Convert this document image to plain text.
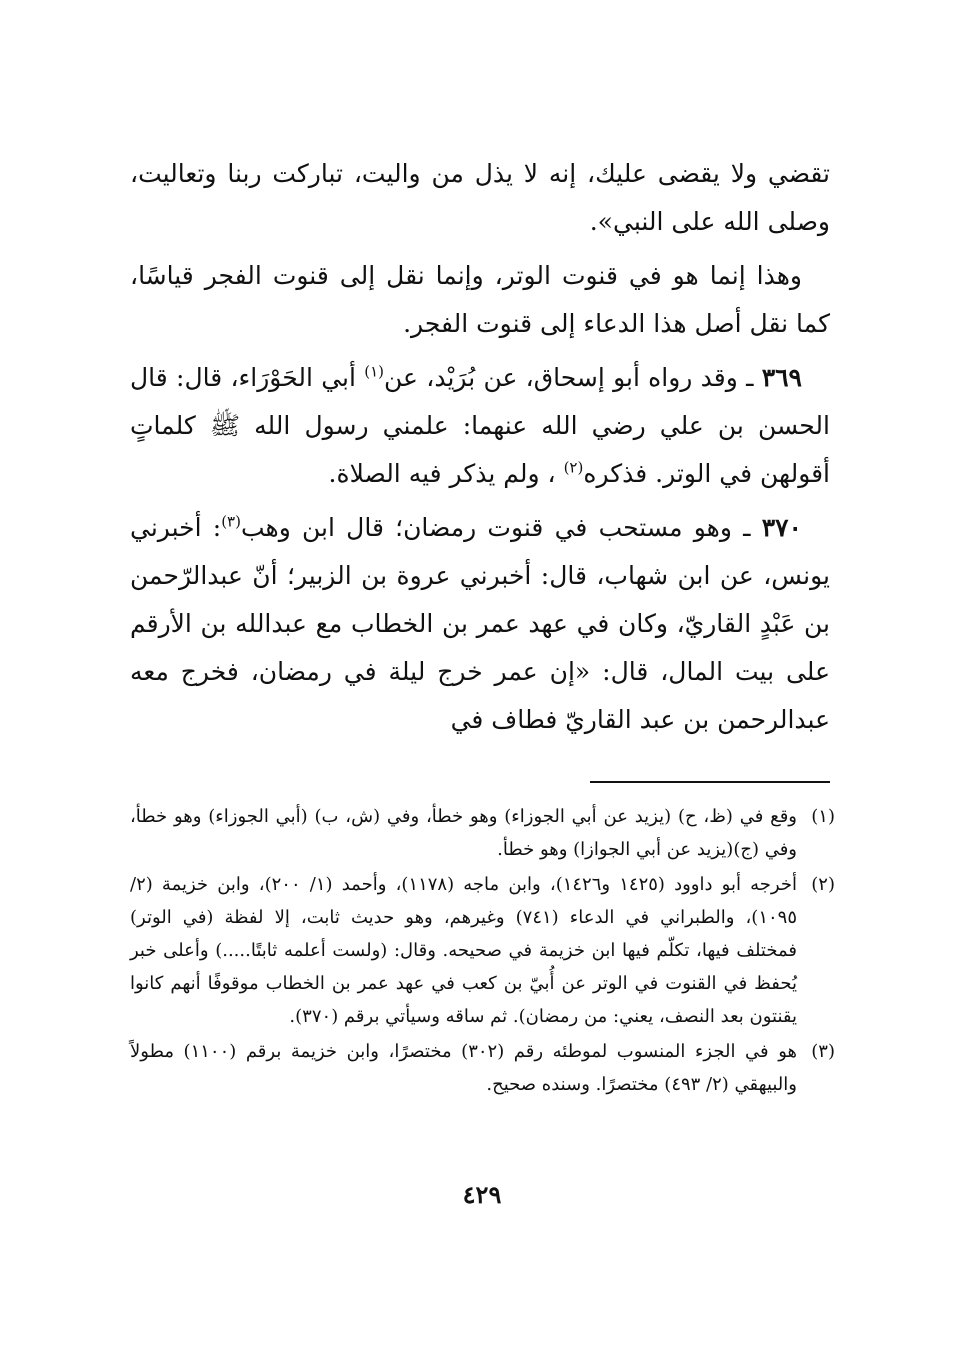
تقضي ولا يقضى عليك، إنه لا يذل من واليت، تباركت ربنا وتعاليت، وصلى الله على النبي».

وهذا إنما هو في قنوت الوتر، وإنما نقل إلى قنوت الفجر قياسًا، كما نقل أصل هذا الدعاء إلى قنوت الفجر.

٣٦٩ ـ وقد رواه أبو إسحاق، عن بُرَيْد، عن$^{(١)}$ أبي الحَوْرَاء، قال: قال الحسن بن علي رضي الله عنهما: علمني رسول الله ﷺ كلماتٍ أقولهن في الوتر. فذكره$^{(٢)}$ ، ولم يذكر فيه الصلاة.

٣٧٠ ـ وهو مستحب في قنوت رمضان؛ قال ابن وهب$^{(٣)}$: أخبرني يونس، عن ابن شهاب، قال: أخبرني عروة بن الزبير؛ أنّ عبدالرّحمن بن عَبْدٍ القاريّ، وكان في عهد عمر بن الخطاب مع عبدالله بن الأرقم على بيت المال، قال: «إن عمر خرج ليلة في رمضان، فخرج معه عبدالرحمن بن عبد القاريّ فطاف في

(١)
وقع في (ظ، ح) (يزيد عن أبي الجوزاء) وهو خطأ، وفي (ش، ب) (أبي الجوزاء) وهو خطأ، وفي (ج)(يزيد عن أبي الجوازا) وهو خطأ.
(٢)
أخرجه أبو داوود (١٤٢٥ و١٤٢٦)، وابن ماجه (١١٧٨)، وأحمد (١/ ٢٠٠)، وابن خزيمة (٢/ ١٠٩٥)، والطبراني في الدعاء (٧٤١) وغيرهم، وهو حديث ثابت، إلا لفظة (في الوتر) فمختلف فيها، تكلّم فيها ابن خزيمة في صحيحه. وقال: (ولست أعلمه ثابتًا.....) وأعلى خبر يُحفظ في القنوت في الوتر عن أُبيّ بن كعب في عهد عمر بن الخطاب موقوفًا أنهم كانوا يقنتون بعد النصف، يعني: من رمضان). ثم ساقه وسيأتي برقم (٣٧٠).
(٣)
هو في الجزء المنسوب لموطئه رقم (٣٠٢) مختصرًا، وابن خزيمة برقم (١١٠٠) مطولاً والبيهقي (٢/ ٤٩٣) مختصرًا. وسنده صحيح.
٤٢٩
